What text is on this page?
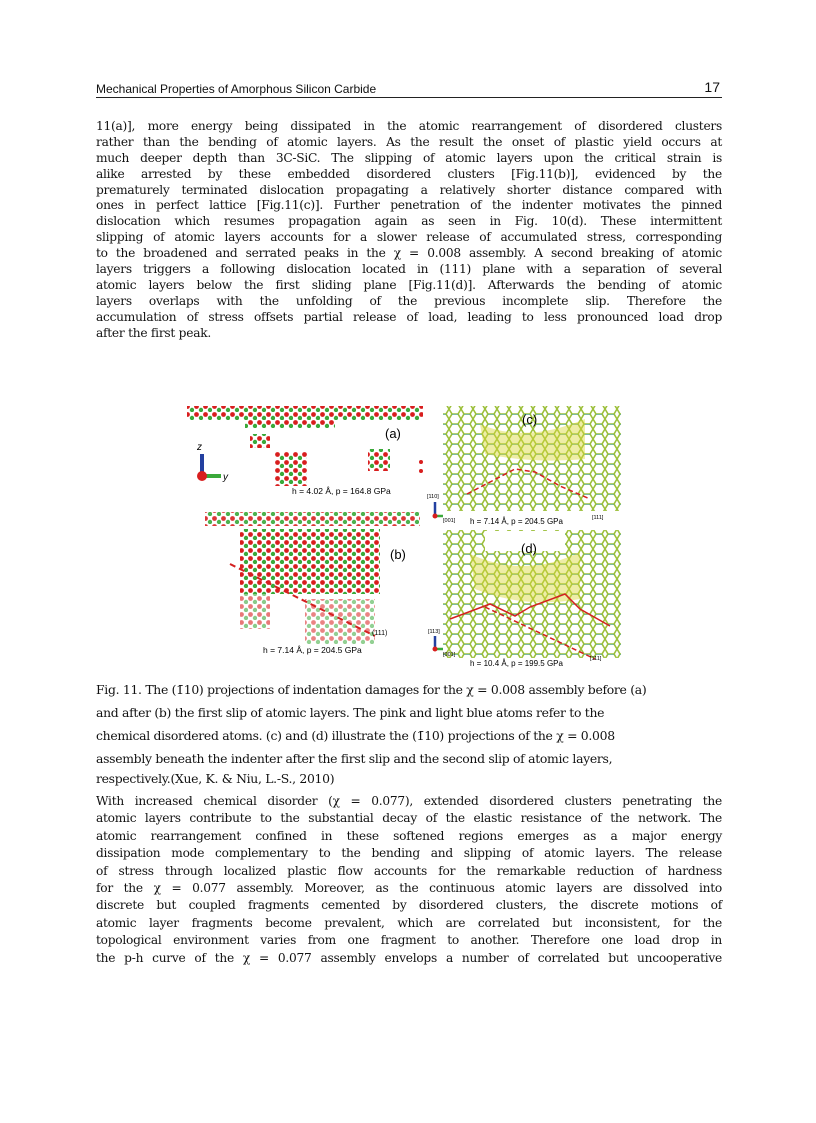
Mechanical Properties of Amorphous Silicon Carbide	17
11(a)], more energy being dissipated in the atomic rearrangement of disordered clusters
rather than the bending of atomic layers. As the result the onset of plastic yield occurs at
much deeper depth than 3C-SiC. The slipping of atomic layers upon the critical strain is
alike arrested by these embedded disordered clusters [Fig.11(b)], evidenced by the
prematurely terminated dislocation propagating a relatively shorter distance compared with
ones in perfect lattice [Fig.11(c)]. Further penetration of the indenter motivates the pinned
dislocation which resumes propagation again as seen in Fig. 10(d). These intermittent
slipping of atomic layers accounts for a slower release of accumulated stress, corresponding
to the broadened and serrated peaks in the χ = 0.008 assembly. A second breaking of atomic
layers triggers a following dislocation located in (111) plane with a separation of several
atomic layers below the first sliding plane [Fig.11(d)]. Afterwards the bending of atomic
layers overlaps with the unfolding of the previous incomplete slip. Therefore the
accumulation of stress offsets partial release of load, leading to less pronounced load drop
after the first peak.
z
y
(a)
h = 4.02 Å, p = 164.8 GPa
(b)
(111)
h = 7.14 Å, p = 204.5 GPa
(c)
[110]
[001] h = 7.14 Å, p = 204.5 GPa	[111]
(d)
[113]
[001]
h = 10.4 Å, p = 199.5 GPa	[111]
Fig. 11. The (1̄10) projections of indentation damages for the χ = 0.008 assembly before (a)
and after (b) the first slip of atomic layers. The pink and light blue atoms refer to the
chemical disordered atoms. (c) and (d) illustrate the (1̄10) projections of the χ = 0.008
assembly beneath the indenter after the first slip and the second slip of atomic layers,
respectively.(Xue, K. & Niu, L.-S., 2010)
With increased chemical disorder (χ = 0.077), extended disordered clusters penetrating the
atomic layers contribute to the substantial decay of the elastic resistance of the network. The
atomic rearrangement confined in these softened regions emerges as a major energy
dissipation mode complementary to the bending and slipping of atomic layers. The release
of stress through localized plastic flow accounts for the remarkable reduction of hardness
for the χ = 0.077 assembly. Moreover, as the continuous atomic layers are dissolved into
discrete but coupled fragments cemented by disordered clusters, the discrete motions of
atomic layer fragments become prevalent, which are correlated but inconsistent, for the
topological environment varies from one fragment to another. Therefore one load drop in
the p-h curve of the χ = 0.077 assembly envelops a number of correlated but uncooperative
